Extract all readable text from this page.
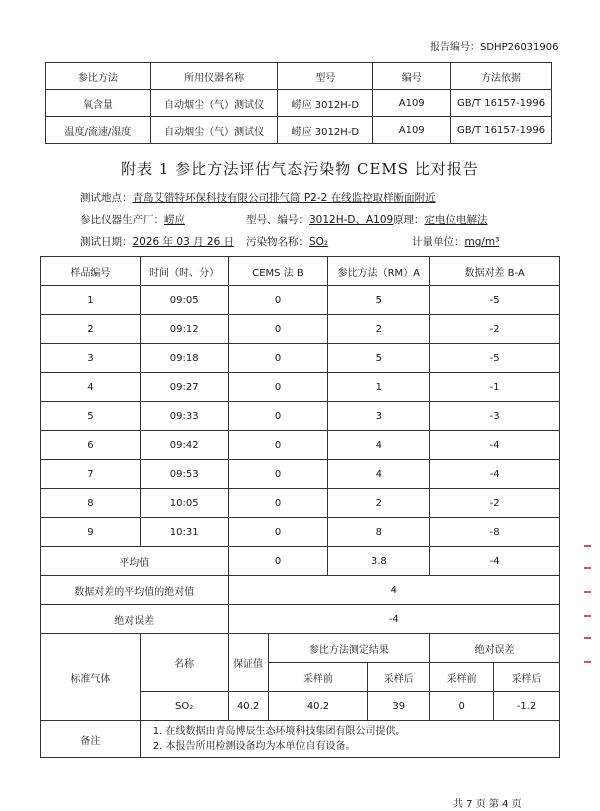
报告编号：SDHP26031906
参比方法	所用仪器名称	型号	编号	方法依据
氧含量	自动烟尘（气）测试仪	崂应 3012H-D	A109	GB/T 16157-1996
温度/流速/湿度	自动烟尘（气）测试仪	崂应 3012H-D	A109	GB/T 16157-1996
附表 1 参比方法评估气态污染物 CEMS 比对报告
测试地点：青岛艾错特环保科技有限公司排气筒 P2-2 在线监控取样断面附近
参比仪器生产厂：崂应	型号、编号：3012H-D、A109 原理：定电位电解法
测试日期：2026 年 03 月 26 日 污染物名称：SO₂	计量单位：mg/m³
样品编号	时间（时、分）	CEMS 法 B		参比方法（RM）A		数据对差 B-A	
1	09:05	0		5		-5	
2	09:12	0		2		-2	
3	09:18	0		5		-5	
4	09:27	0		1		-1	
5	09:33	0		3		-3	
6	09:42	0		4		-4	
7	09:53	0		4		-4	
8	10:05	0		2		-2	
9	10:31	0		8		-8	
平均值		0		3.8		-4	
数据对差的平均值的绝对值		4					
绝对误差		-4					
标准气体	名称	保证值	参比方法测定结果			绝对误差	
			采样前		采样后	采样前	采样后
	SO₂	40.2	40.2		39	0	-1.2
备注	1. 在线数据由青岛博辰生态环境科技集团有限公司提供。
2. 本报告所用检测设备均为本单位自有设备。						
共 7 页 第 4 页
